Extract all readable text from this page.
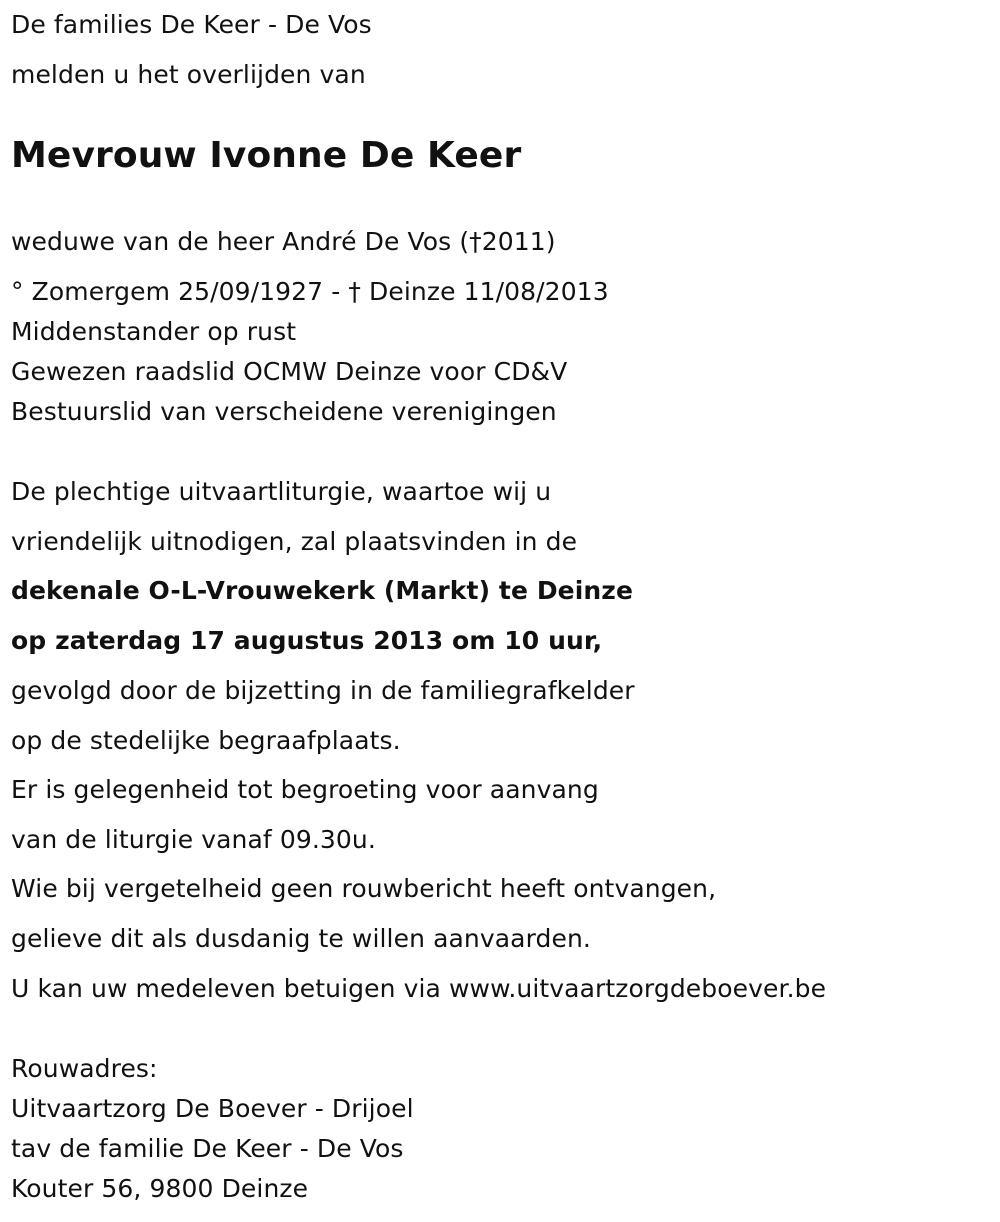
De families De Keer - De Vos
melden u het overlijden van
Mevrouw Ivonne De Keer
weduwe van de heer André De Vos (†2011)
° Zomergem 25/09/1927 - † Deinze 11/08/2013
Middenstander op rust
Gewezen raadslid OCMW Deinze voor CD&V
Bestuurslid van verscheidene verenigingen
De plechtige uitvaartliturgie, waartoe wij u
vriendelijk uitnodigen, zal plaatsvinden in de
dekenale O-L-Vrouwekerk (Markt) te Deinze
op zaterdag 17 augustus 2013 om 10 uur,
gevolgd door de bijzetting in de familiegrafkelder
op de stedelijke begraafplaats.
Er is gelegenheid tot begroeting voor aanvang
van de liturgie vanaf 09.30u.
Wie bij vergetelheid geen rouwbericht heeft ontvangen,
gelieve dit als dusdanig te willen aanvaarden.
U kan uw medeleven betuigen via www.uitvaartzorgdeboever.be
Rouwadres:
Uitvaartzorg De Boever - Drijoel
tav de familie De Keer - De Vos
Kouter 56, 9800 Deinze
